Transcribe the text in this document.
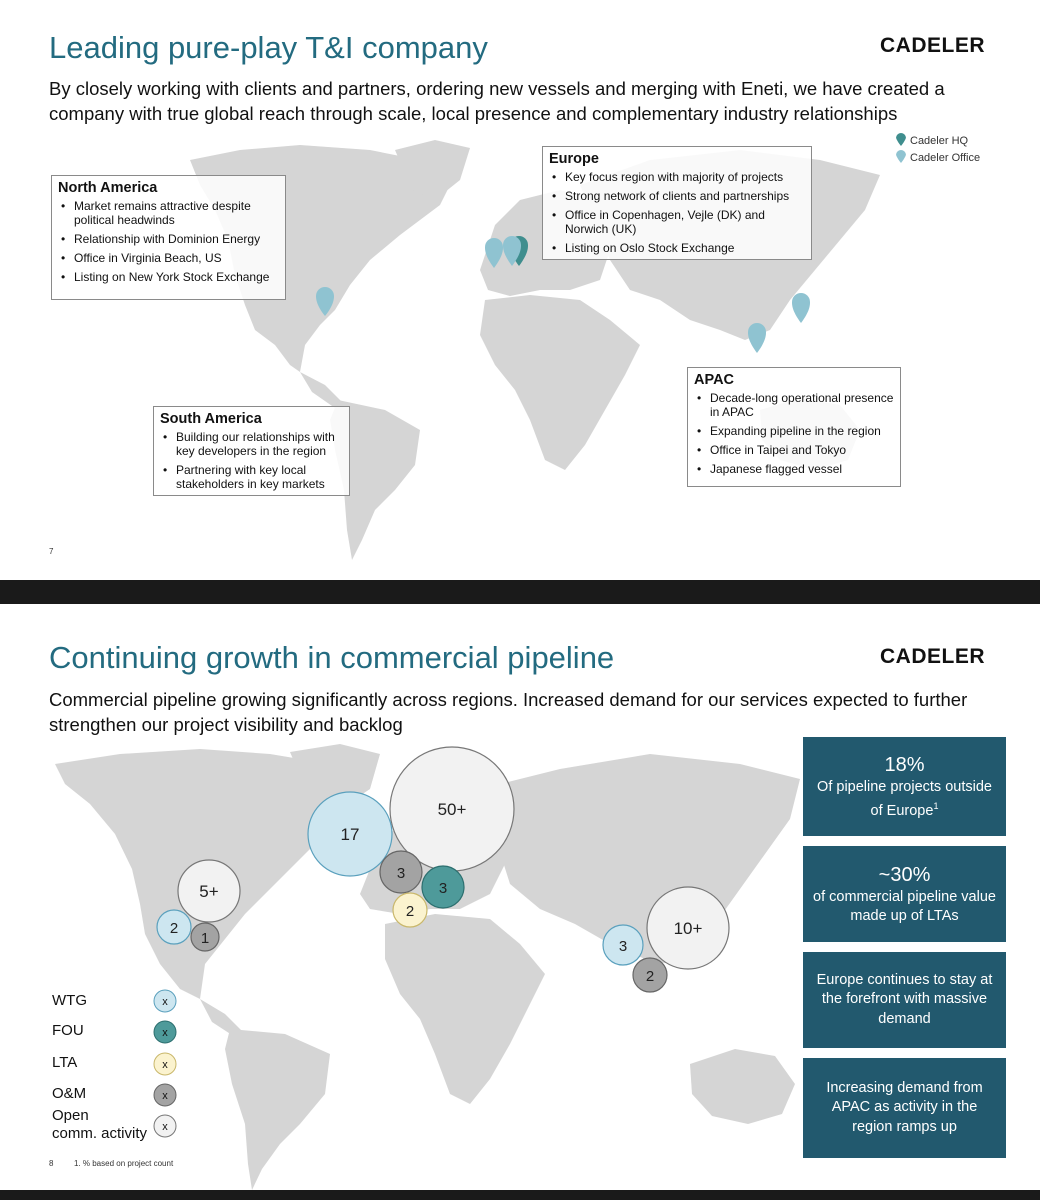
Leading pure-play T&I company	CADELER

By closely working with clients and partners, ordering new vessels and merging with Eneti, we have created a company with true global reach through scale, local presence and complementary industry relationships

Cadeler HQ
Cadeler Office
North America
• Market remains attractive despite political headwinds
• Relationship with Dominion Energy
• Office in Virginia Beach, US
• Listing on New York Stock Exchange
Europe
• Key focus region with majority of projects
• Strong network of clients and partnerships
• Office in Copenhagen, Vejle (DK) and Norwich (UK)
• Listing on Oslo Stock Exchange
South America
• Building our relationships with key developers in the region
• Partnering with key local stakeholders in key markets
APAC
• Decade-long operational presence in APAC
• Expanding pipeline in the region
• Office in Taipei and Tokyo
• Japanese flagged vessel
7
50+
17
3
3
2
5+
2
1
10+
3
2
x
x
x
x
x
Continuing growth in commercial pipeline	CADELER

Commercial pipeline growing significantly across regions. Increased demand for our services expected to further strengthen our project visibility and backlog

WTG
FOU
LTA
O&M
Open
comm. activity
18%
Of pipeline projects outside of Europe$^1$
~30%
of commercial pipeline value made up of LTAs
Europe continues to stay at the forefront with massive demand
Increasing demand from APAC as activity in the region ramps up
8	1. % based on project count
